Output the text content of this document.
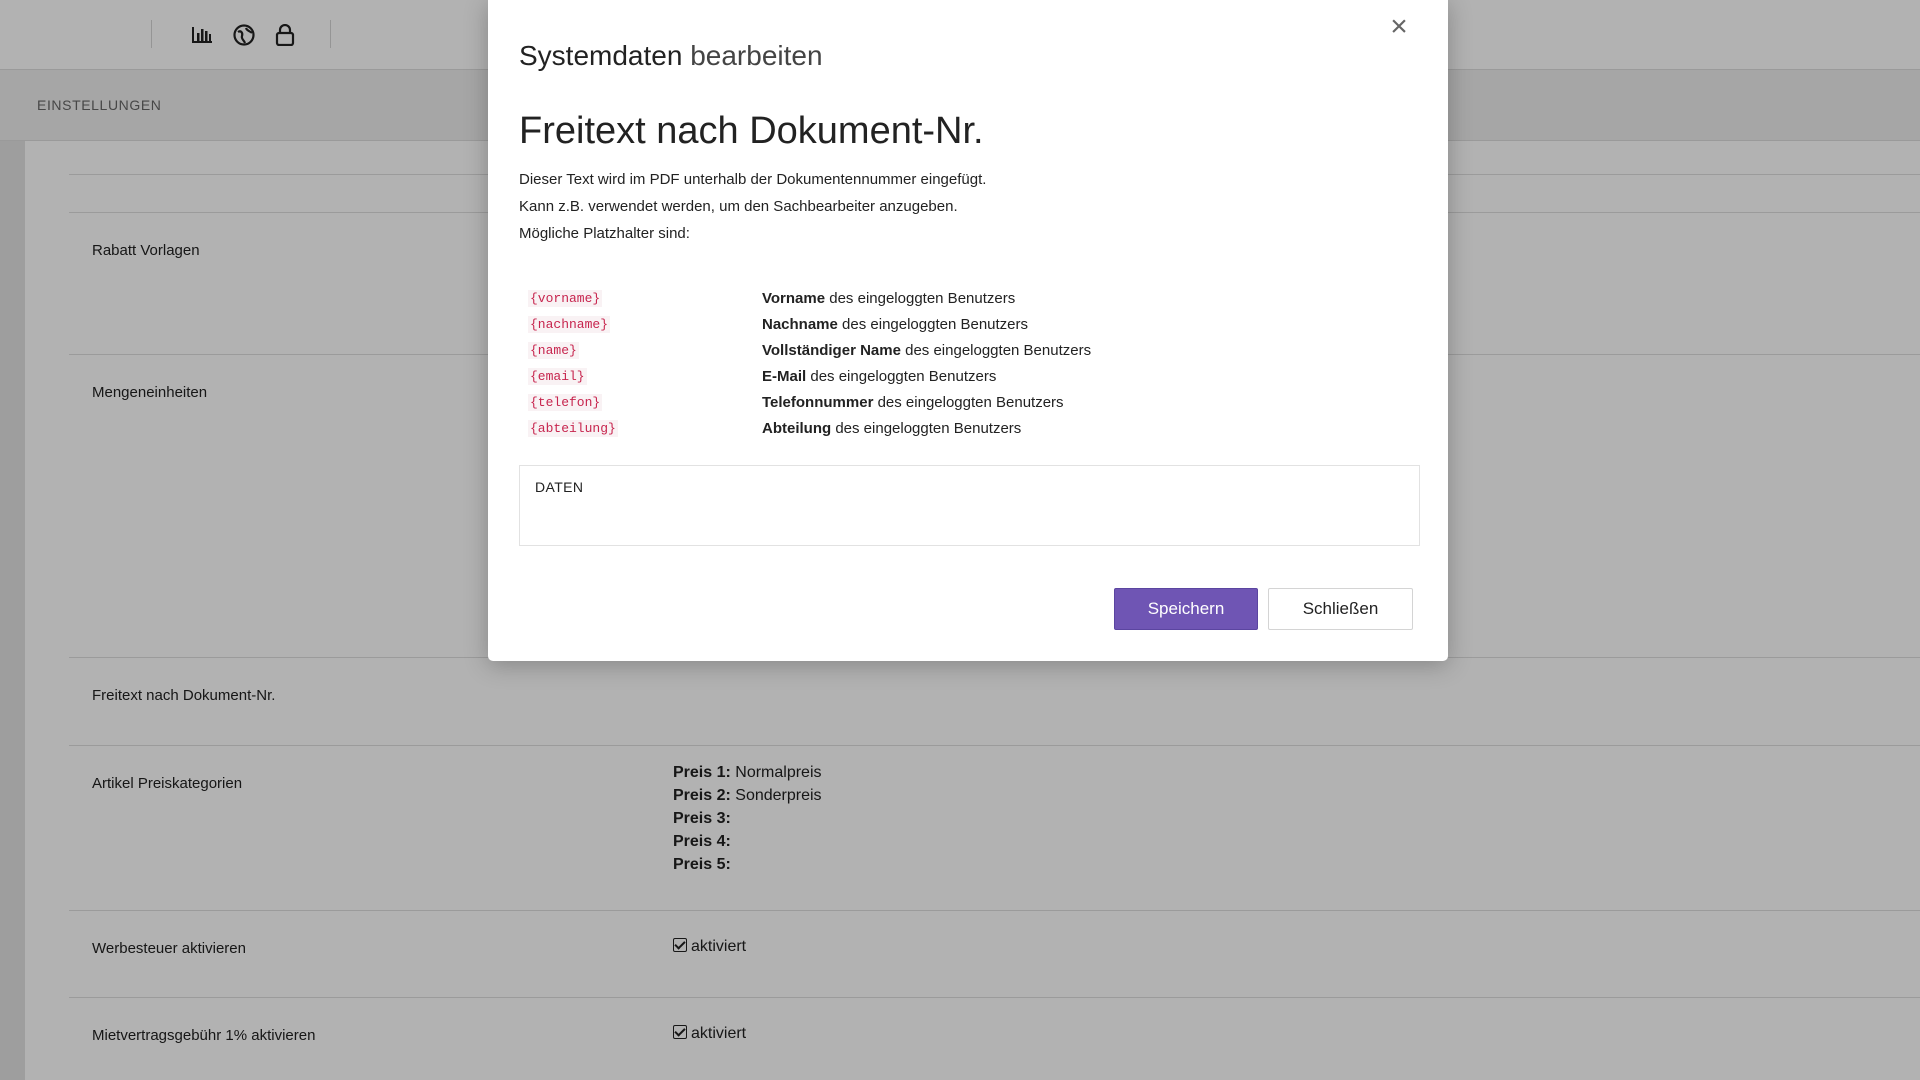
EINSTELLUNGEN
Rabatt Vorlagen
Mengeneinheiten
Freitext nach Dokument-Nr.
Artikel Preiskategorien
Preis 1: Normalpreis
Preis 2: Sonderpreis
Preis 3:
Preis 4:
Preis 5:
Werbesteuer aktivieren	aktiviert
Mietvertragsgebühr 1% aktivieren	aktiviert
×
Systemdaten bearbeiten
Freitext nach Dokument-Nr.
Dieser Text wird im PDF unterhalb der Dokumentennummer eingefügt.
Kann z.B. verwendet werden, um den Sachbearbeiter anzugeben.
Mögliche Platzhalter sind:
{vorname}	Vorname des eingeloggten Benutzers
{nachname}	Nachname des eingeloggten Benutzers
{name}	Vollständiger Name des eingeloggten Benutzers
{email}	E-Mail des eingeloggten Benutzers
{telefon}	Telefonnummer des eingeloggten Benutzers
{abteilung}	Abteilung des eingeloggten Benutzers
DATEN
Speichern	Schließen
